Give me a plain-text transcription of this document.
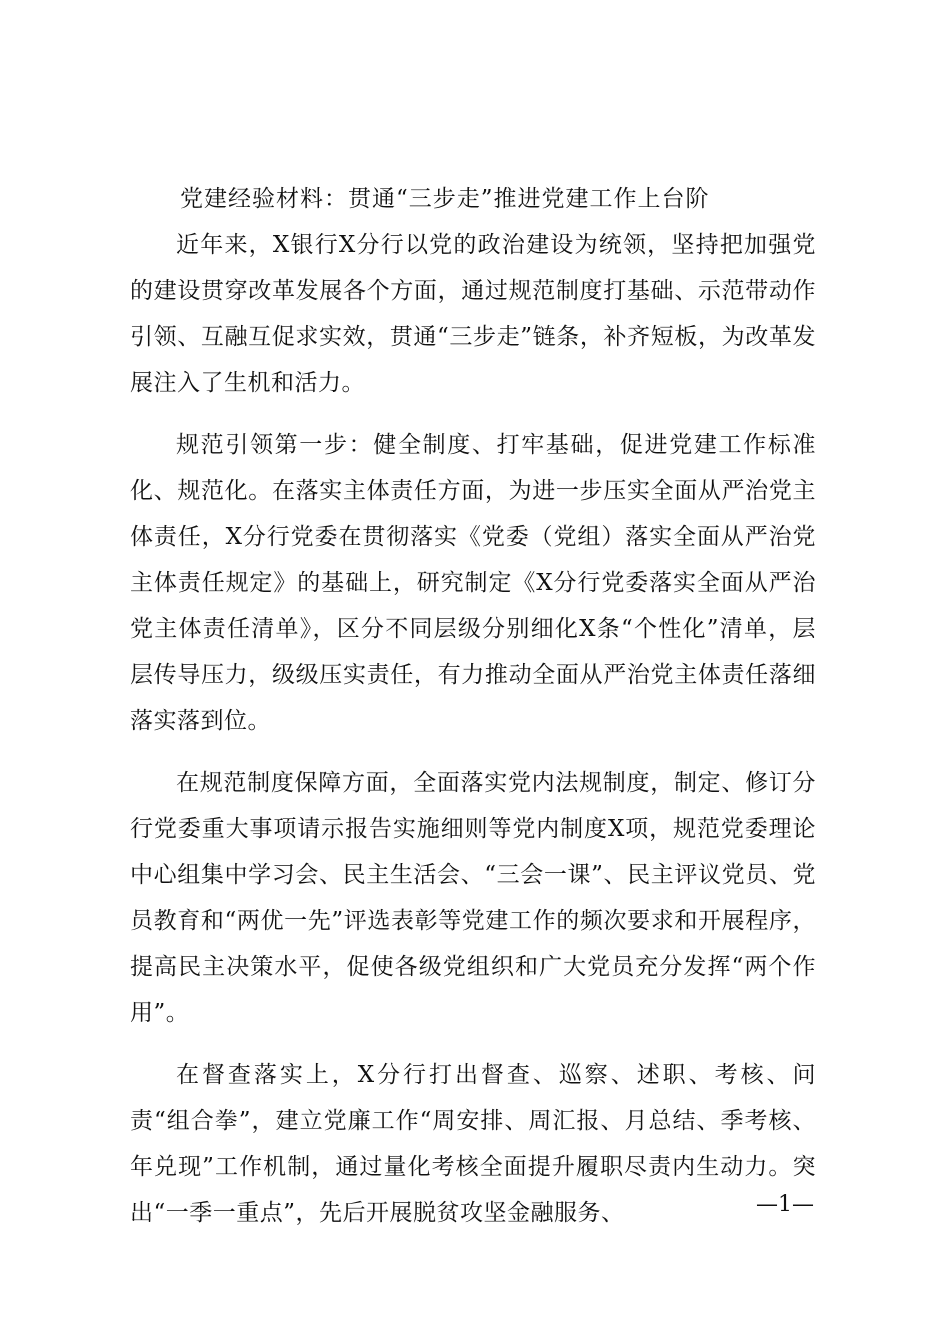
党建经验材料：贯通“三步走”推进党建工作上台阶

近年来，X银行X分行以党的政治建设为统领，坚持把加强党的建设贯穿改革发展各个方面，通过规范制度打基础、示范带动作引领、互融互促求实效，贯通“三步走”链条，补齐短板，为改革发展注入了生机和活力。

规范引领第一步：健全制度、打牢基础，促进党建工作标准化、规范化。在落实主体责任方面，为进一步压实全面从严治党主体责任，X分行党委在贯彻落实《党委（党组）落实全面从严治党主体责任规定》的基础上，研究制定《X分行党委落实全面从严治党主体责任清单》，区分不同层级分别细化X条“个性化”清单，层层传导压力，级级压实责任，有力推动全面从严治党主体责任落细落实落到位。

在规范制度保障方面，全面落实党内法规制度，制定、修订分行党委重大事项请示报告实施细则等党内制度X项，规范党委理论中心组集中学习会、民主生活会、“三会一课”、民主评议党员、党员教育和“两优一先”评选表彰等党建工作的频次要求和开展程序，提高民主决策水平，促使各级党组织和广大党员充分发挥“两个作用”。

在督查落实上，X分行打出督查、巡察、述职、考核、问责“组合拳”，建立党廉工作“周安排、周汇报、月总结、季考核、年兑现”工作机制，通过量化考核全面提升履职尽责内生动力。突出“一季一重点”，先后开展脱贫攻坚金融服务、	—1—
